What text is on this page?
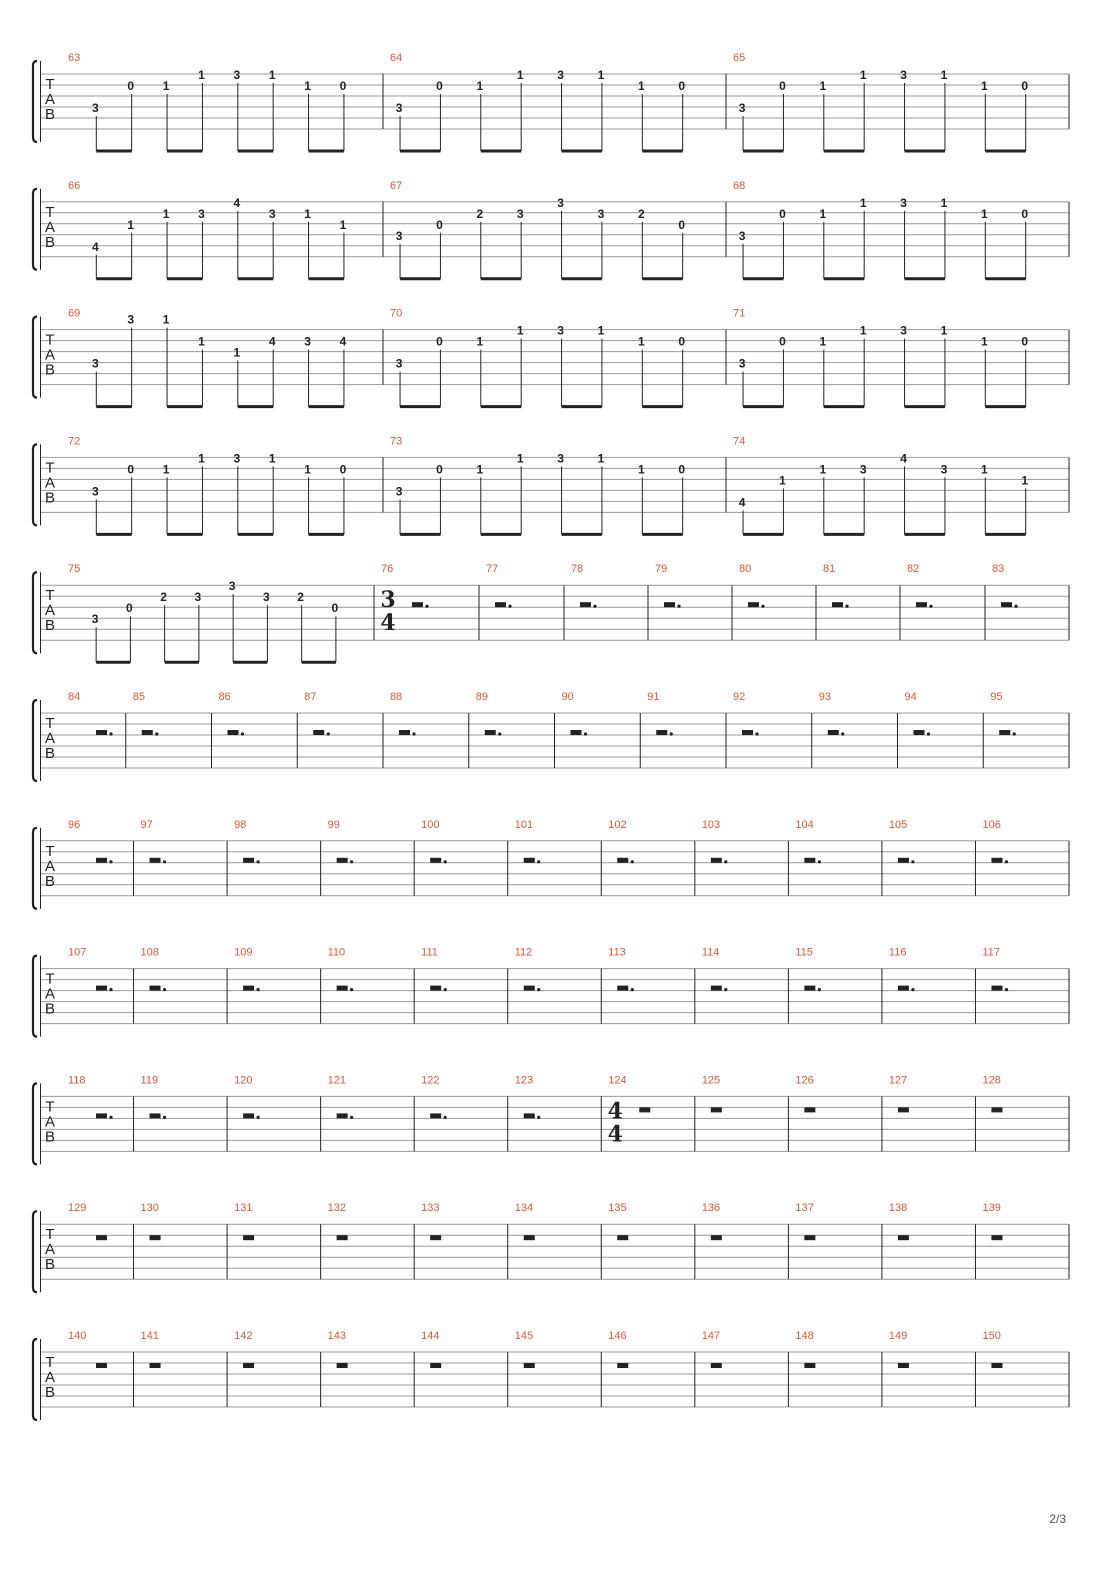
T
A
B
63
3
0 1
1 3 1
1 0
64
3
0	1
1	3	1
1	0
65
3
0	1
1	3	1
1	0
T
A
B
66
4
1
1 3
4
3 1
1
67
3
0
2	3
3
3	2
0
68
3
0	1
1	3	1
1	0
T
A
B
69
3
3 1
1
1
4 3 4
70
3
0	1
1	3	1
1	0
71
3
0	1
1	3	1
1	0
T
A
B
72
3
0 1
1 3 1
1 0
73
3
0	1
1	3	1
1	0
74
4
1
1	3
4
3	1
1
T
A
B
75
3
0
2 3
3
3 2
0
76
3
4
77	78	79	80	81	82	83
T
A
B
84	85	86	87	88	89	90	91	92	93	94	95
T
A
B
96	97	98	99	100	101	102	103	104	105	106
T
A
B
107	108	109	110	111	112	113	114	115	116	117
T
A
B
118	119	120	121	122	123	124
4
4
125	126	127	128
T
A
B
129	130	131	132	133	134	135	136	137	138	139
T
A
B
140	141	142	143	144	145	146	147	148	149	150
2/3
